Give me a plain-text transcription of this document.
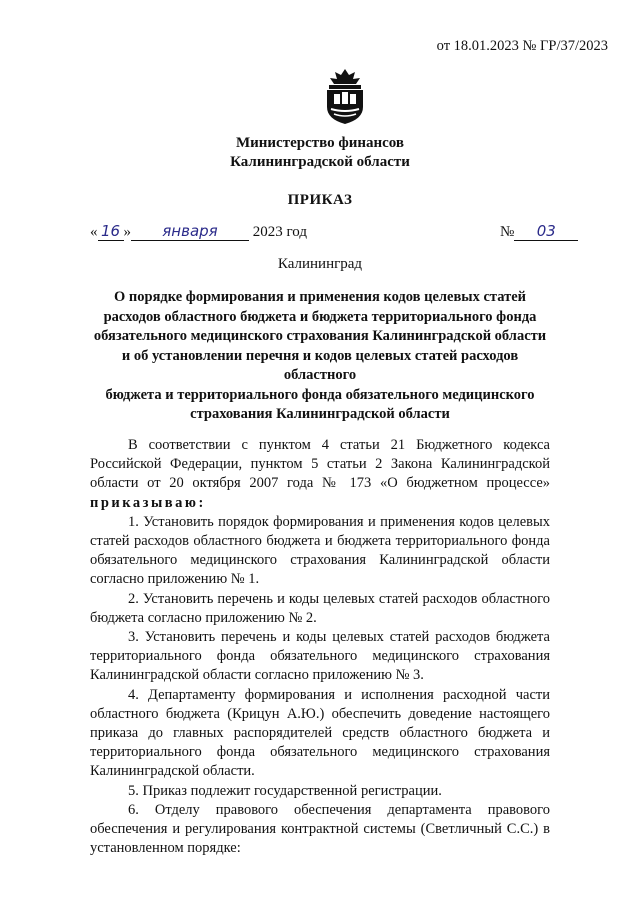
от 18.01.2023 № ГР/37/2023
Министерство финансов
Калининградской области
ПРИКАЗ
« 16 » января 2023 год	№ 03
Калининград
О порядке формирования и применения кодов целевых статей
расходов областного бюджета и бюджета территориального фонда
обязательного медицинского страхования Калининградской области
и об установлении перечня и кодов целевых статей расходов областного
бюджета и территориального фонда обязательного медицинского
страхования Калининградской области

В соответствии с пунктом 4 статьи 21 Бюджетного кодекса Российской Федерации, пунктом 5 статьи 2 Закона Калининградской области от 20 октября 2007 года № 173 «О бюджетном процессе» приказываю:

1. Установить порядок формирования и применения кодов целевых статей расходов областного бюджета и бюджета территориального фонда обязательного медицинского страхования Калининградской области согласно приложению № 1.

2. Установить перечень и коды целевых статей расходов областного бюджета согласно приложению № 2.

3. Установить перечень и коды целевых статей расходов бюджета территориального фонда обязательного медицинского страхования Калининградской области согласно приложению № 3.

4. Департаменту формирования и исполнения расходной части областного бюджета (Крицун А.Ю.) обеспечить доведение настоящего приказа до главных распорядителей средств областного бюджета и территориального фонда обязательного медицинского страхования Калининградской области.

5. Приказ подлежит государственной регистрации.

6. Отделу правового обеспечения департамента правового обеспечения и регулирования контрактной системы (Светличный С.С.) в установленном порядке:
